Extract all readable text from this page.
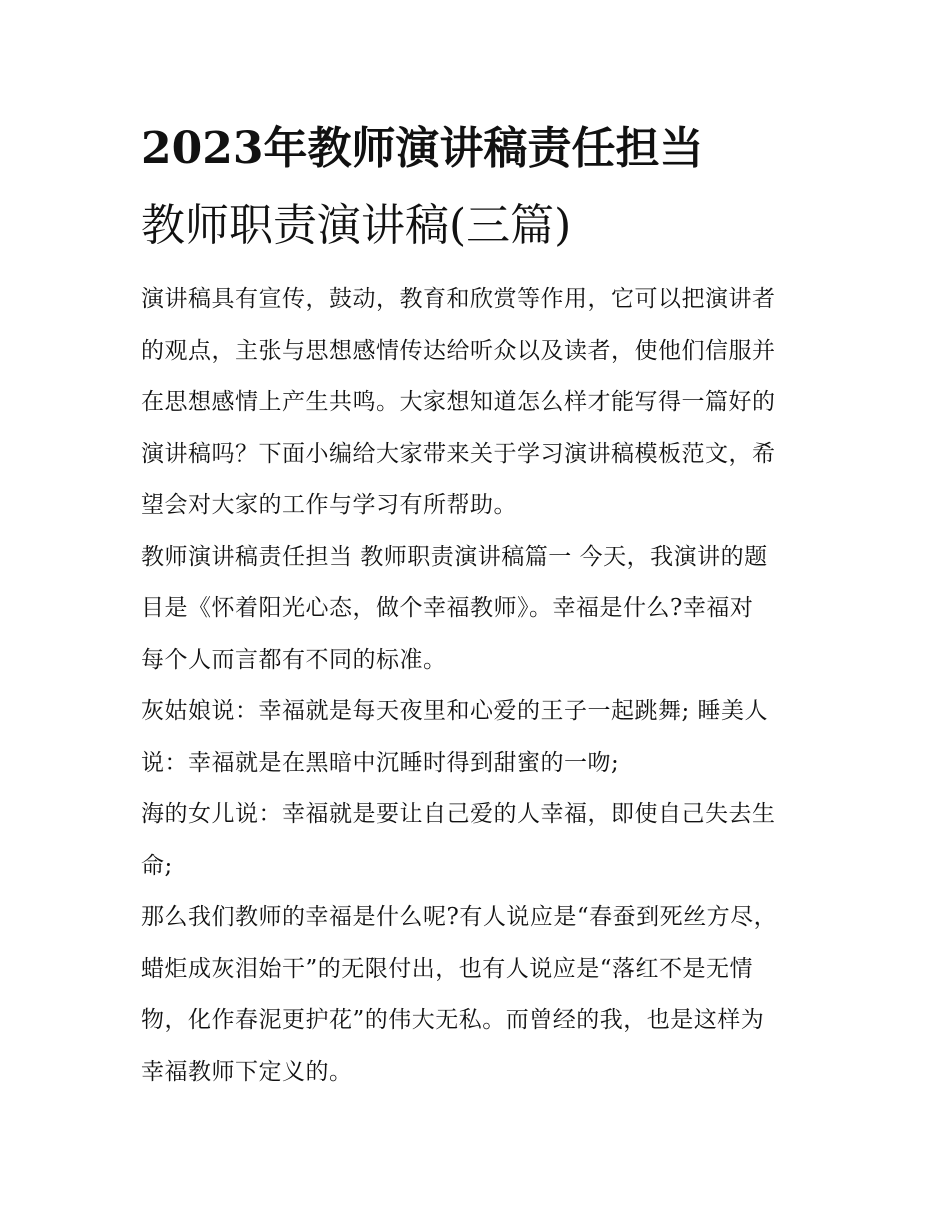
2023年教师演讲稿责任担当
教师职责演讲稿(三篇)

演讲稿具有宣传，鼓动，教育和欣赏等作用，它可以把演讲者
的观点，主张与思想感情传达给听众以及读者，使他们信服并
在思想感情上产生共鸣。大家想知道怎么样才能写得一篇好的
演讲稿吗？下面小编给大家带来关于学习演讲稿模板范文，希
望会对大家的工作与学习有所帮助。

教师演讲稿责任担当 教师职责演讲稿篇一 今天，我演讲的题
目是《怀着阳光心态，做个幸福教师》。幸福是什么?幸福对
每个人而言都有不同的标准。

灰姑娘说：幸福就是每天夜里和心爱的王子一起跳舞; 睡美人
说：幸福就是在黑暗中沉睡时得到甜蜜的一吻;

海的女儿说：幸福就是要让自己爱的人幸福，即使自己失去生
命;

那么我们教师的幸福是什么呢?有人说应是“春蚕到死丝方尽，
蜡炬成灰泪始干”的无限付出，也有人说应是“落红不是无情
物，化作春泥更护花”的伟大无私。而曾经的我，也是这样为
幸福教师下定义的。
